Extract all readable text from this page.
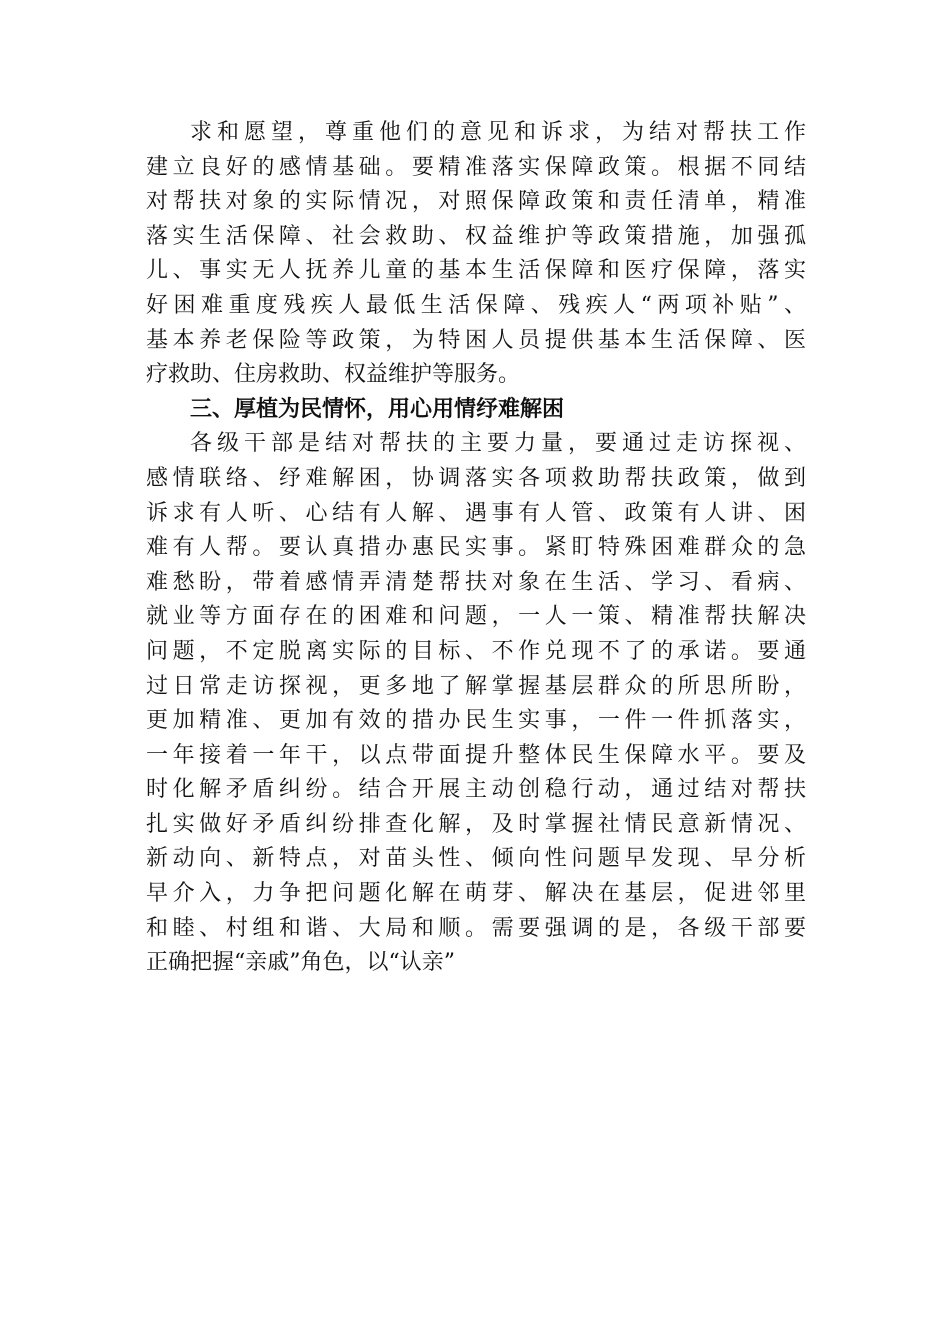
求和愿望，尊重他们的意见和诉求，为结对帮扶工作
建立良好的感情基础。要精准落实保障政策。根据不同结
对帮扶对象的实际情况，对照保障政策和责任清单，精准
落实生活保障、社会救助、权益维护等政策措施，加强孤
儿、事实无人抚养儿童的基本生活保障和医疗保障，落实
好困难重度残疾人最低生活保障、残疾人“两项补贴”、
基本养老保险等政策，为特困人员提供基本生活保障、医
疗救助、住房救助、权益维护等服务。
三、厚植为民情怀，用心用情纾难解困
各级干部是结对帮扶的主要力量，要通过走访探视、
感情联络、纾难解困，协调落实各项救助帮扶政策，做到
诉求有人听、心结有人解、遇事有人管、政策有人讲、困
难有人帮。要认真措办惠民实事。紧盯特殊困难群众的急
难愁盼，带着感情弄清楚帮扶对象在生活、学习、看病、
就业等方面存在的困难和问题，一人一策、精准帮扶解决
问题，不定脱离实际的目标、不作兑现不了的承诺。要通
过日常走访探视，更多地了解掌握基层群众的所思所盼，
更加精准、更加有效的措办民生实事，一件一件抓落实，
一年接着一年干，以点带面提升整体民生保障水平。要及
时化解矛盾纠纷。结合开展主动创稳行动，通过结对帮扶
扎实做好矛盾纠纷排查化解，及时掌握社情民意新情况、
新动向、新特点，对苗头性、倾向性问题早发现、早分析
早介入，力争把问题化解在萌芽、解决在基层，促进邻里
和睦、村组和谐、大局和顺。需要强调的是，各级干部要
正确把握“亲戚”角色，以“认亲”
